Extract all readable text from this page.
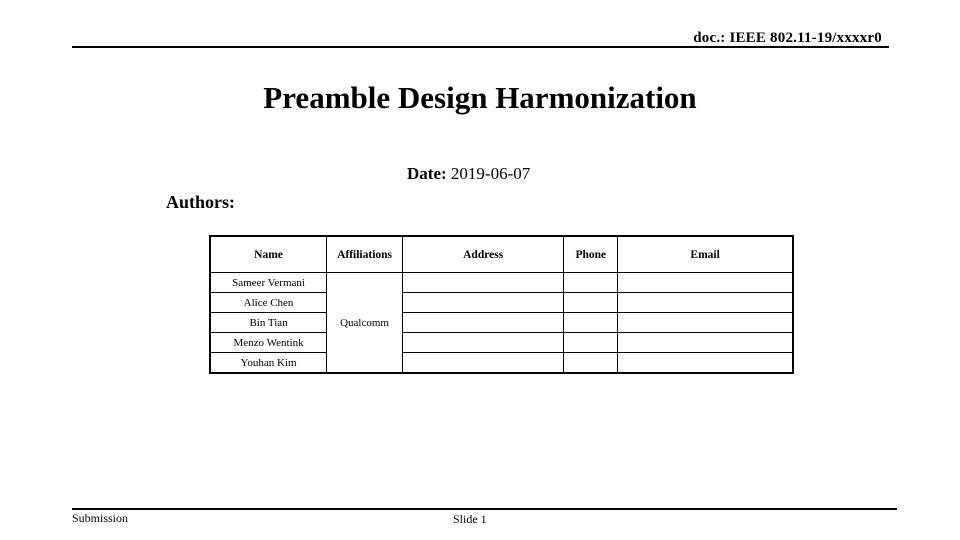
doc.: IEEE 802.11-19/xxxxr0
Preamble Design Harmonization
Date: 2019-06-07
Authors:
Name	Affiliations	Address	Phone	Email
Sameer Vermani	Qualcomm			
Alice Chen				
Bin Tian				
Menzo Wentink				
Youhan Kim				
Submission	Slide 1
